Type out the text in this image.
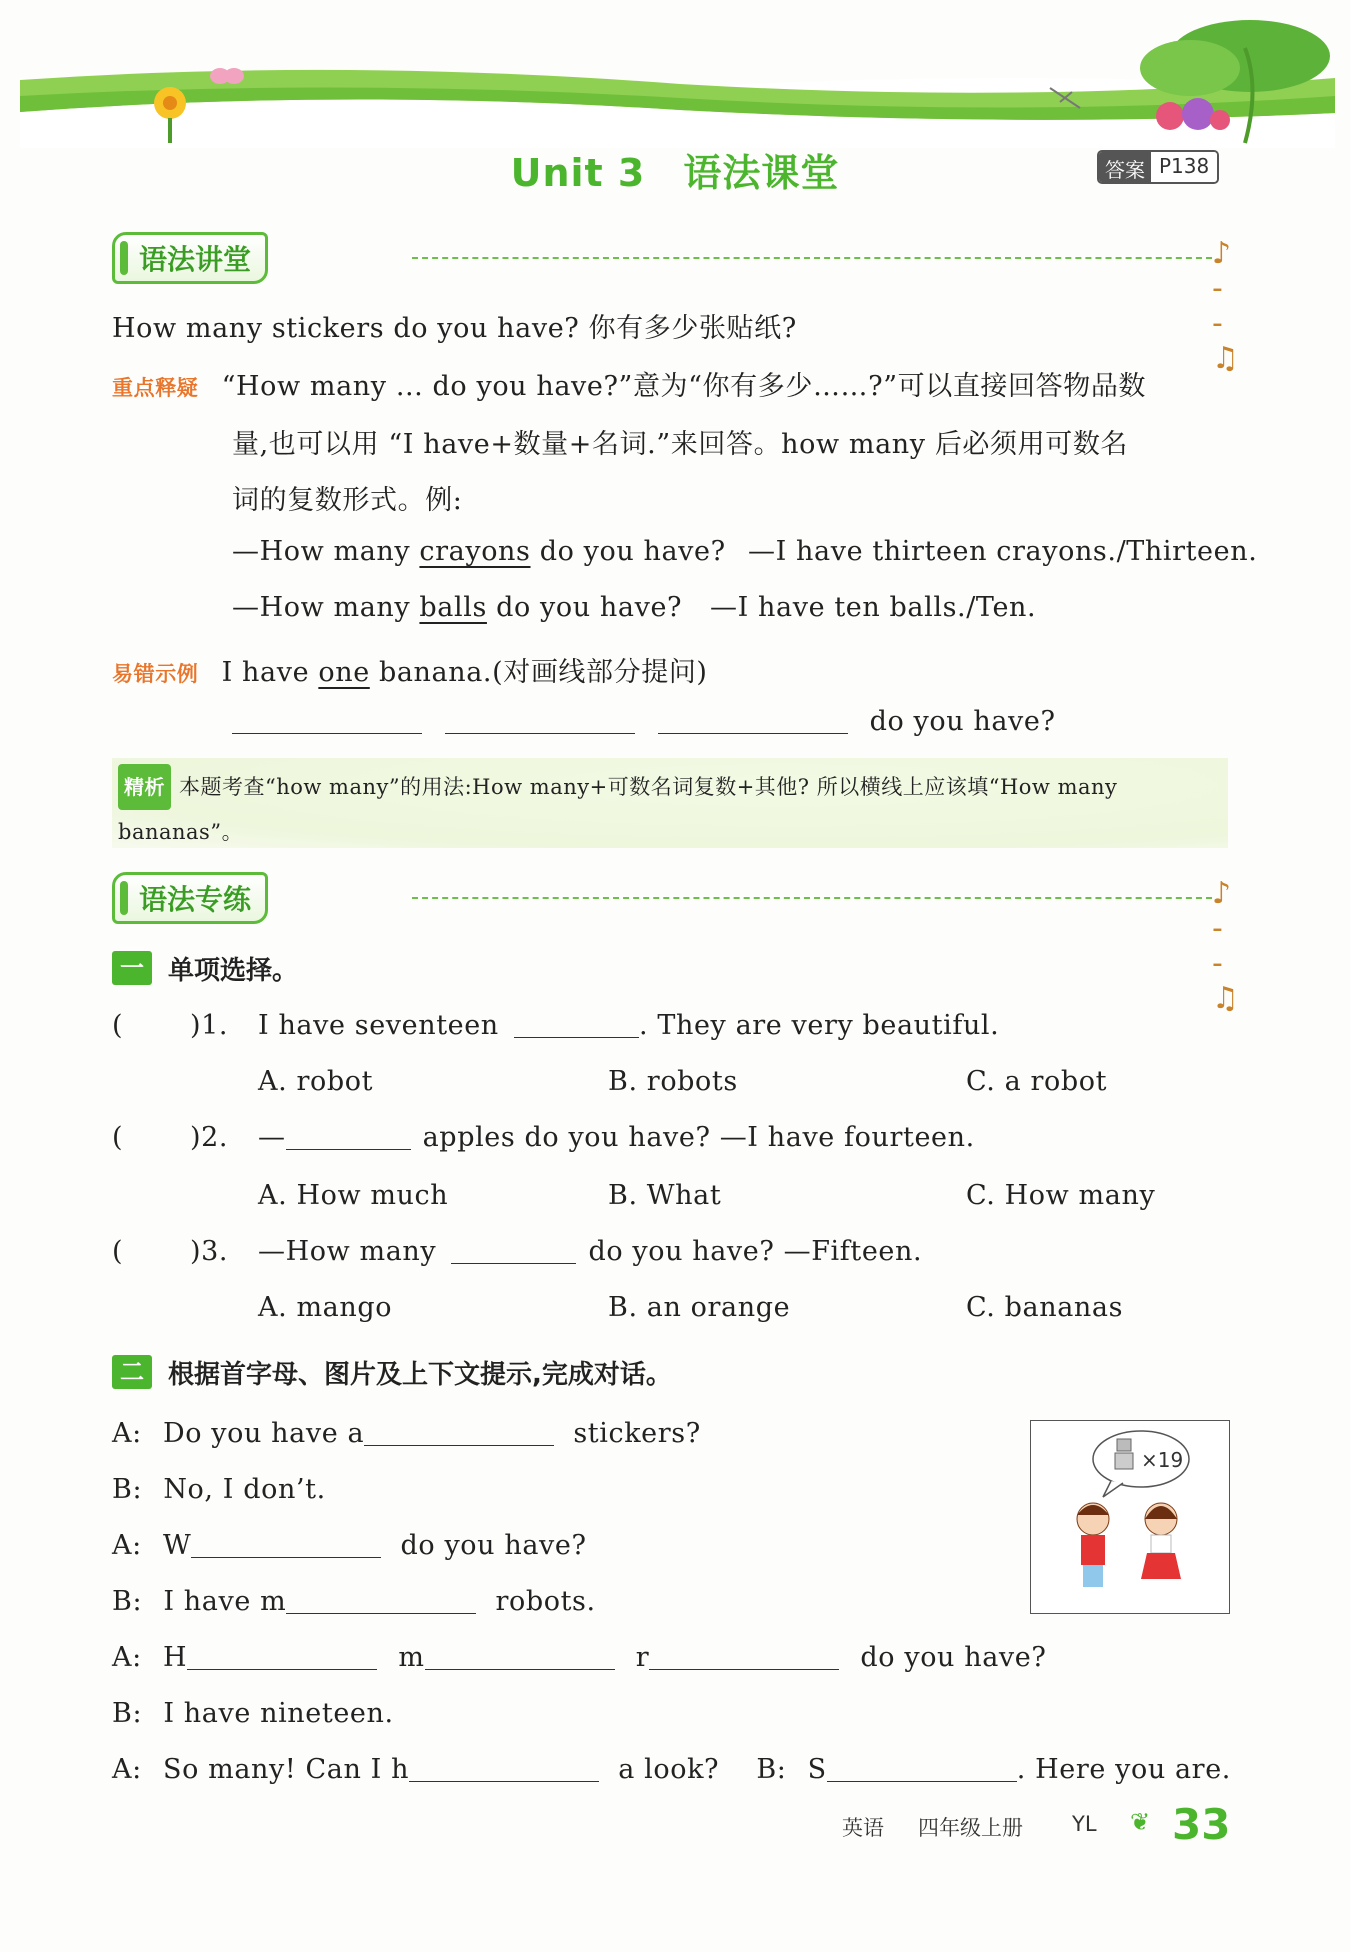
Unit 3 语法课堂	答案 P138
语法讲堂	♪ - - ♫
How many stickers do you have? 你有多少张贴纸?
重点释疑 “How many ... do you have?”意为“你有多少……?”可以直接回答物品数
量,也可以用 “I have+数量+名词.”来回答。how many 后必须用可数名
词的复数形式。例:
—How many crayons do you have? —I have thirteen crayons./Thirteen.
—How many balls do you have? —I have ten balls./Ten.
易错示例 I have one banana.(对画线部分提问)
do you have?
精析 本题考查“how many”的用法:How many+可数名词复数+其他? 所以横线上应该填“How many
bananas”。
语法专练	♪ - - ♫
一 单项选择。
( )1. I have seventeen	. They are very beautiful.
A. robot	B. robots	C. a robot
( )2. —	apples do you have? —I have fourteen.
A. How much	B. What	C. How many
( )3. —How many	do you have? —Fifteen.
A. mango	B. an orange	C. bananas
二 根据首字母、图片及上下文提示,完成对话。
×19
A: Do you have a	stickers?
B: No, I don’t.
A: W	do you have?
B: I have m	robots.
A: H	m	r	do you have?
B: I have nineteen.
A: So many! Can I h	a look? B: S	. Here you are.
英语 四年级上册 YL ❦ 33
